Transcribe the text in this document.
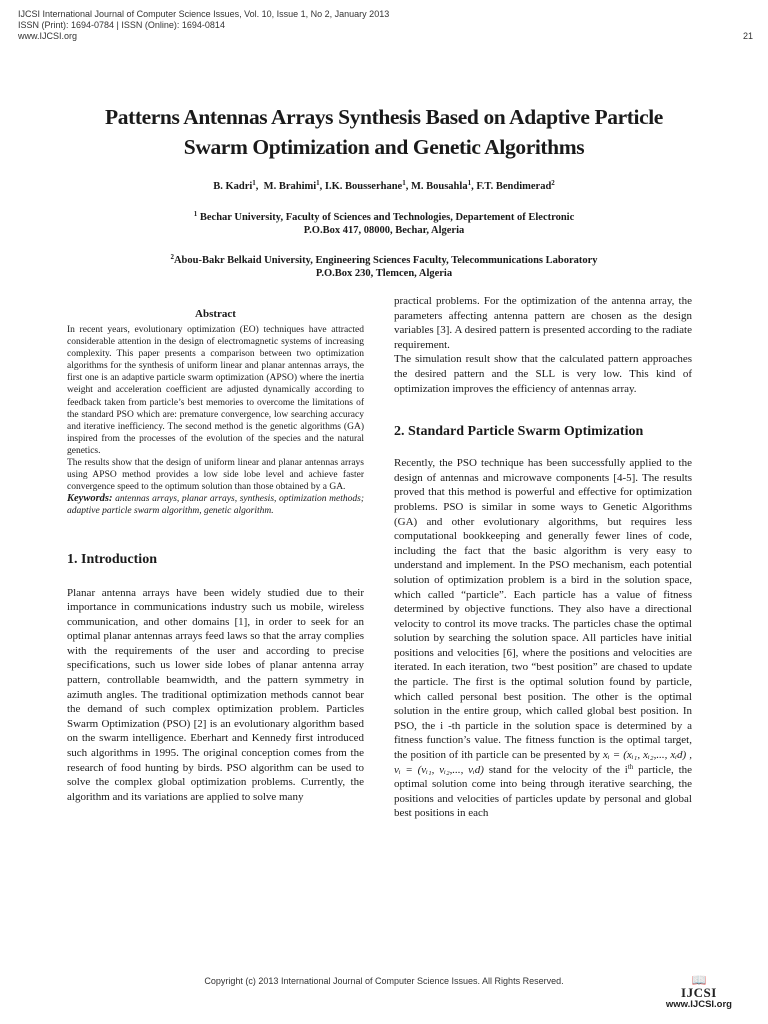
IJCSI International Journal of Computer Science Issues, Vol. 10, Issue 1, No 2, January 2013
ISSN (Print): 1694-0784 | ISSN (Online): 1694-0814
www.IJCSI.org	21
Patterns Antennas Arrays Synthesis Based on Adaptive Particle
Swarm Optimization and Genetic Algorithms
B. Kadri$^1$,  M. Brahimi$^1$, I.K. Bousserhane$^1$, M. Bousahla$^1$, F.T. Bendimerad$^2$
$^1$ Bechar University, Faculty of Sciences and Technologies, Departement of Electronic
P.O.Box 417, 08000, Bechar, Algeria
$^2$Abou-Bakr Belkaid University, Engineering Sciences Faculty, Telecommunications Laboratory
P.O.Box 230, Tlemcen, Algeria
Abstract

In recent years, evolutionary optimization (EO) techniques have attracted considerable attention in the design of electromagnetic systems of increasing complexity. This paper presents a comparison between two optimization algorithms for the synthesis of uniform linear and planar antennas arrays, the first one is an adaptive particle swarm optimization (APSO) where the inertia weight and acceleration coefficient are adjusted dynamically according to feedback taken from particle’s best memories to overcome the limitations of the standard PSO which are: premature convergence, low searching accuracy and iterative inefficiency. The second method is the genetic algorithms (GA) inspired from the processes of the evolution of the species and the natural genetics.

The results show that the design of uniform linear and planar antennas arrays using APSO method provides a low side lobe level and achieve faster convergence speed to the optimum solution than those obtained by a GA.

Keywords: antennas arrays, planar arrays, synthesis, optimization methods; adaptive particle swarm algorithm, genetic algorithm.

1. Introduction

Planar antenna arrays have been widely studied due to their importance in communications industry such us mobile, wireless communication, and other domains [1], in order to seek for an optimal planar antennas arrays feed laws so that the array complies with the requirements of the user and according to precise specifications, such us lower side lobes of planar antenna array pattern, controllable beamwidth, and the pattern symmetry in azimuth angles. The traditional optimization methods cannot bear the demand of such complex optimization problem. Particles Swarm Optimization (PSO) [2] is an evolutionary algorithm based on the swarm intelligence. Eberhart and Kennedy first introduced such algorithms in 1995. The original conception comes from the research of food hunting by birds. PSO algorithm can be used to solve the complex global optimization problems. Currently, the algorithm and its variations are applied to solve many

practical problems. For the optimization of the antenna array, the parameters affecting antenna pattern are chosen as the design variables [3]. A desired pattern is presented according to the radiate requirement.

The simulation result show that the calculated pattern approaches the desired pattern and the SLL is very low. This kind of optimization improves the efficiency of antennas array.

2. Standard Particle Swarm Optimization

Recently, the PSO technique has been successfully applied to the design of antennas and microwave components [4-5]. The results proved that this method is powerful and effective for optimization problems. PSO is similar in some ways to Genetic Algorithms (GA) and other evolutionary algorithms, but requires less computational bookkeeping and generally fewer lines of code, including the fact that the basic algorithm is very easy to understand and implement. In the PSO mechanism, each potential solution of optimization problem is a bird in the solution space, which called “particle”. Each particle has a value of fitness determined by objective functions. They also have a directional velocity to control its move tracks. The particles chase the optimal solution by searching the solution space. All particles have initial positions and velocities [6], where the positions and velocities are iterated. In each iteration, two “best position” are chased to update the particle. The first is the optimal solution found by particle, which called personal best position. The other is the optimal solution in the entire group, which called global best position. In PSO, the i -th particle in the solution space is determined by a fitness function’s value. The fitness function is the optimal target, the position of ith particle can be presented by xᵢ = (xᵢ₁, xᵢ₂,..., xᵢd) , vᵢ = (vᵢ₁, vᵢ₂,..., vᵢd) stand for the velocity of the $i^{th}$ particle, the optimal solution come into being through iterative searching, the positions and velocities of particles update by personal and global best positions in each

Copyright (c) 2013 International Journal of Computer Science Issues. All Rights Reserved.	📖
IJCSI
www.IJCSI.org
